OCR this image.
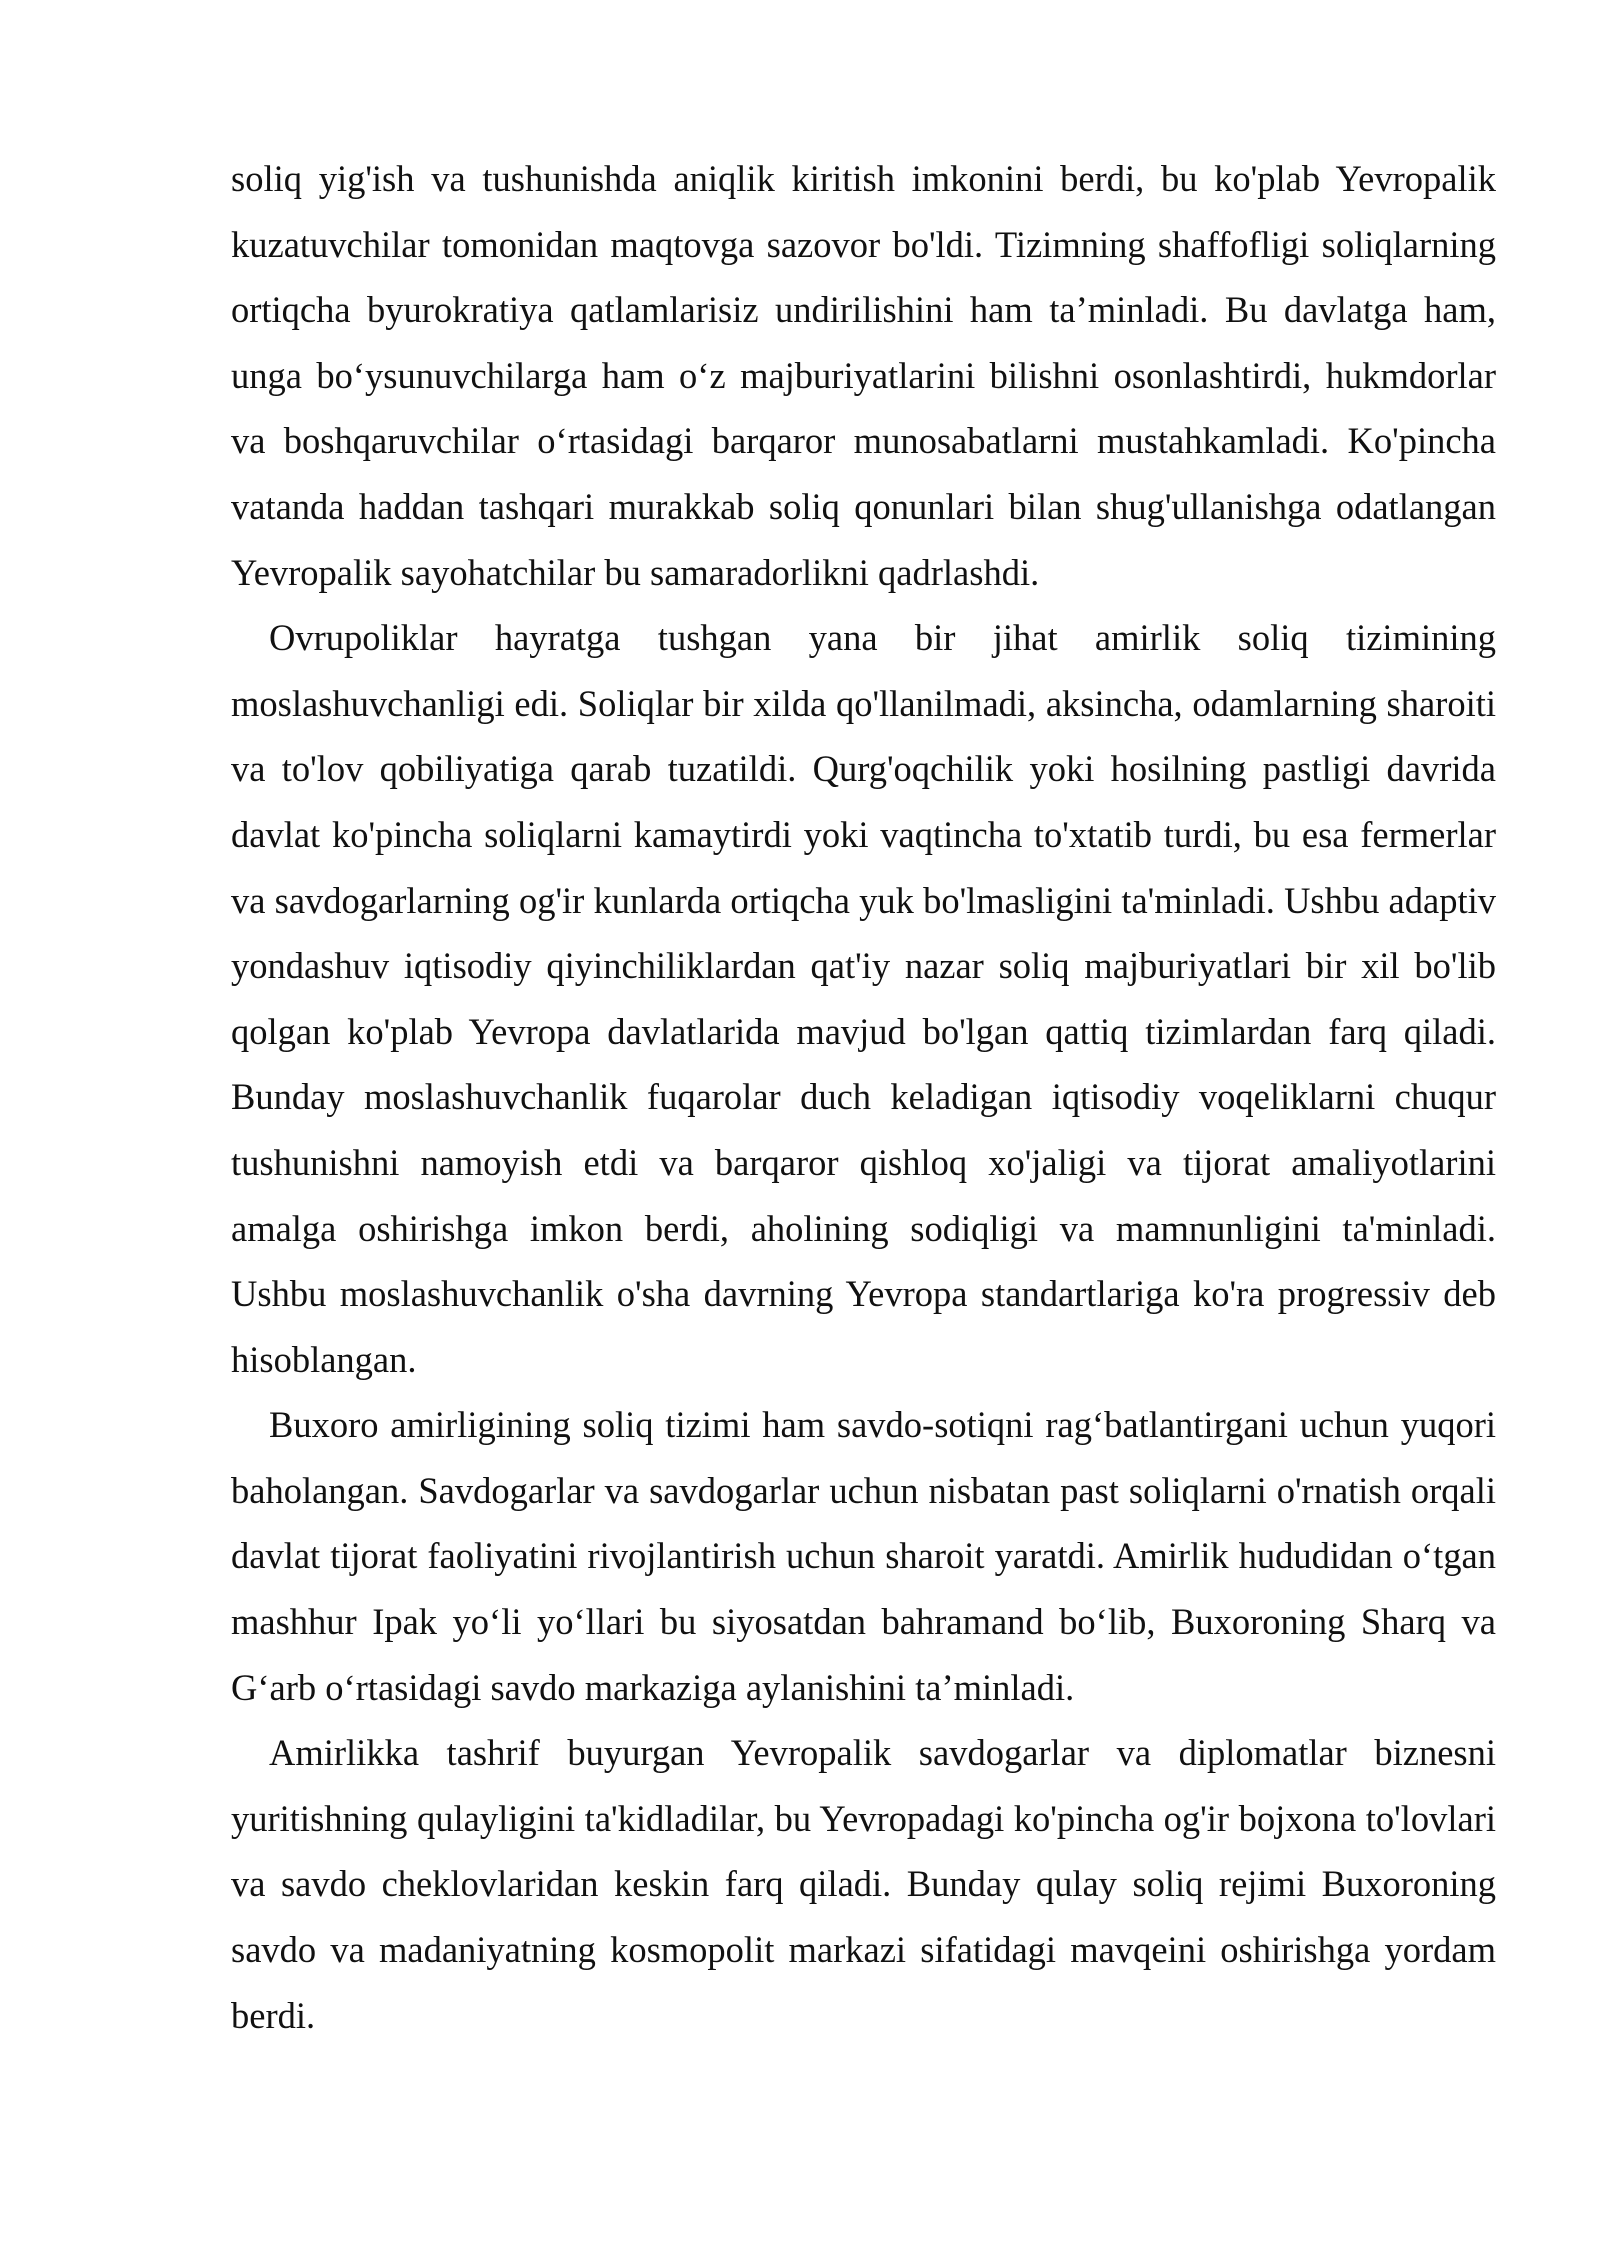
soliq yig'ish va tushunishda aniqlik kiritish imkonini berdi, bu ko'plab Yevropalik kuzatuvchilar tomonidan maqtovga sazovor bo'ldi. Tizimning shaffofligi soliqlarning ortiqcha byurokratiya qatlamlarisiz undirilishini ham ta’minladi. Bu davlatga ham, unga bo‘ysunuvchilarga ham o‘z majburiyatlarini bilishni osonlashtirdi, hukmdorlar va boshqaruvchilar o‘rtasidagi barqaror munosabatlarni mustahkamladi. Ko'pincha vatanda haddan tashqari murakkab soliq qonunlari bilan shug'ullanishga odatlangan Yevropalik sayohatchilar bu samaradorlikni qadrlashdi.

Ovrupoliklar hayratga tushgan yana bir jihat amirlik soliq tizimining moslashuvchanligi edi. Soliqlar bir xilda qo'llanilmadi, aksincha, odamlarning sharoiti va to'lov qobiliyatiga qarab tuzatildi. Qurg'oqchilik yoki hosilning pastligi davrida davlat ko'pincha soliqlarni kamaytirdi yoki vaqtincha to'xtatib turdi, bu esa fermerlar va savdogarlarning og'ir kunlarda ortiqcha yuk bo'lmasligini ta'minladi. Ushbu adaptiv yondashuv iqtisodiy qiyinchiliklardan qat'iy nazar soliq majburiyatlari bir xil bo'lib qolgan ko'plab Yevropa davlatlarida mavjud bo'lgan qattiq tizimlardan farq qiladi. Bunday moslashuvchanlik fuqarolar duch keladigan iqtisodiy voqeliklarni chuqur tushunishni namoyish etdi va barqaror qishloq xo'jaligi va tijorat amaliyotlarini amalga oshirishga imkon berdi, aholining sodiqligi va mamnunligini ta'minladi. Ushbu moslashuvchanlik o'sha davrning Yevropa standartlariga ko'ra progressiv deb hisoblangan.

Buxoro amirligining soliq tizimi ham savdo-sotiqni rag‘batlantirgani uchun yuqori baholangan. Savdogarlar va savdogarlar uchun nisbatan past soliqlarni o'rnatish orqali davlat tijorat faoliyatini rivojlantirish uchun sharoit yaratdi. Amirlik hududidan o‘tgan mashhur Ipak yo‘li yo‘llari bu siyosatdan bahramand bo‘lib, Buxoroning Sharq va G‘arb o‘rtasidagi savdo markaziga aylanishini ta’minladi.

Amirlikka tashrif buyurgan Yevropalik savdogarlar va diplomatlar biznesni yuritishning qulayligini ta'kidladilar, bu Yevropadagi ko'pincha og'ir bojxona to'lovlari va savdo cheklovlaridan keskin farq qiladi. Bunday qulay soliq rejimi Buxoroning savdo va madaniyatning kosmopolit markazi sifatidagi mavqeini oshirishga yordam berdi.
